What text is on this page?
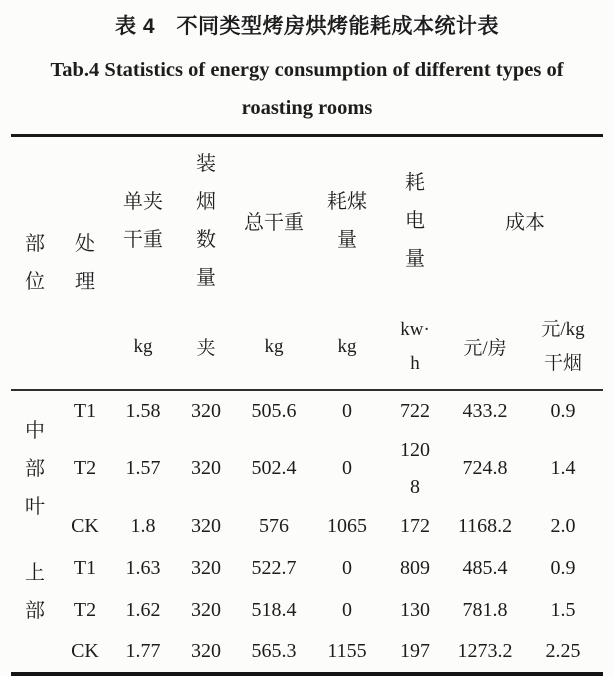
表 4　不同类型烤房烘烤能耗成本统计表
Tab.4 Statistics of energy consumption of different types of roasting rooms
部位	处理	单夹干重	装烟数量	总干重	耗煤量	耗电量	成本	
		kg	夹	kg	kg	kw·h	元/房	元/kg 干烟
中部叶	T1	1.58	320	505.6	0	722	433.2	0.9
	T2	1.57	320	502.4	0	1208	724.8	1.4
	CK	1.8	320	576	1065	172	1168.2	2.0
上部	T1	1.63	320	522.7	0	809	485.4	0.9
	T2	1.62	320	518.4	0	130	781.8	1.5
	CK	1.77	320	565.3	1155	197	1273.2	2.25
